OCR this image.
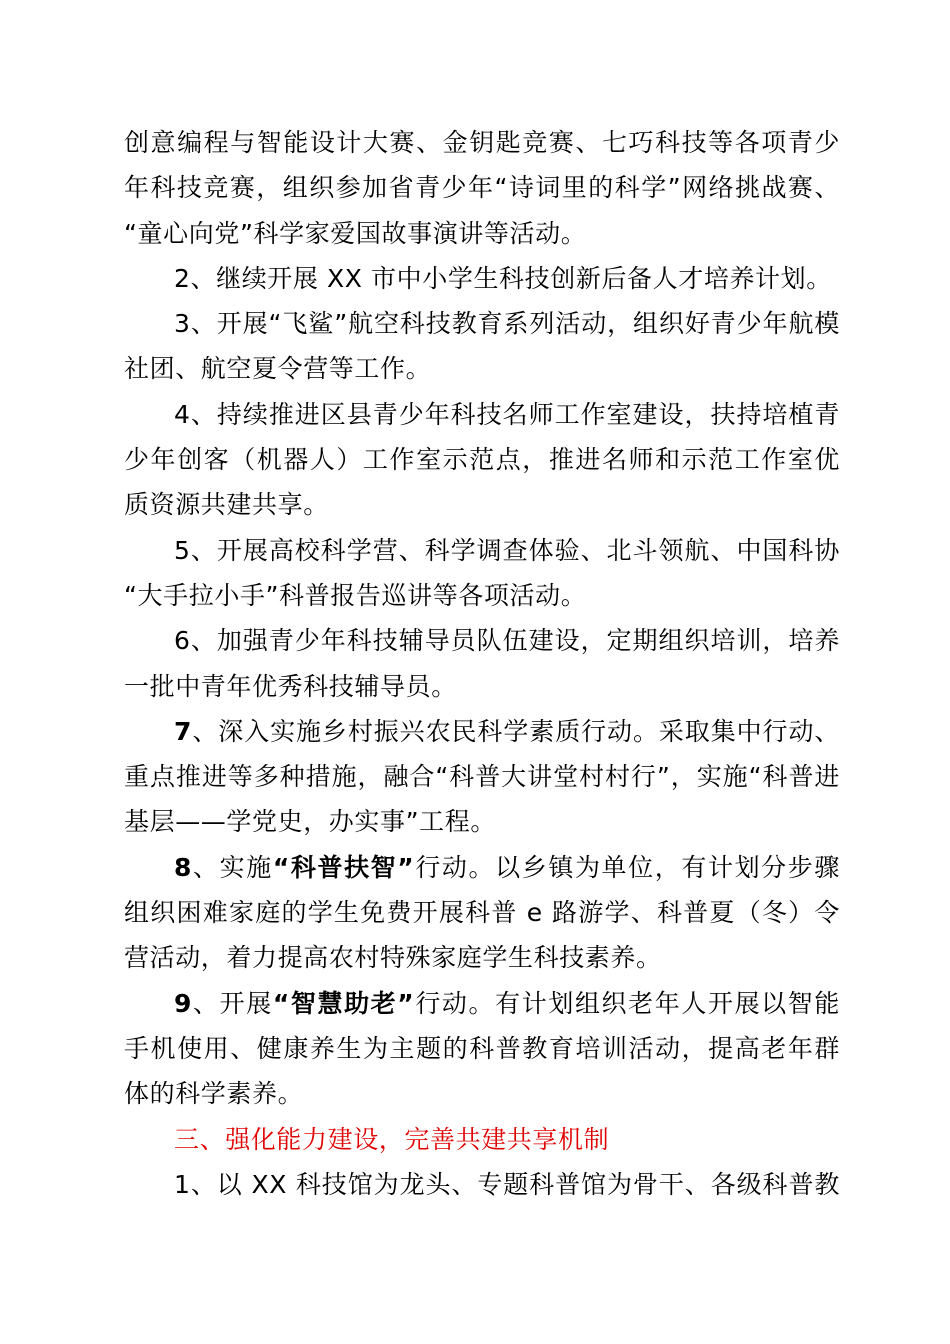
创意编程与智能设计大赛、金钥匙竞赛、七巧科技等各项青少
年科技竞赛，组织参加省青少年“诗词里的科学”网络挑战赛、
“童心向党”科学家爱国故事演讲等活动。
2、继续开展 XX 市中小学生科技创新后备人才培养计划。
3、开展“飞鲨”航空科技教育系列活动，组织好青少年航模
社团、航空夏令营等工作。
4、持续推进区县青少年科技名师工作室建设，扶持培植青
少年创客（机器人）工作室示范点，推进名师和示范工作室优
质资源共建共享。
5、开展高校科学营、科学调查体验、北斗领航、中国科协
“大手拉小手”科普报告巡讲等各项活动。
6、加强青少年科技辅导员队伍建设，定期组织培训，培养
一批中青年优秀科技辅导员。
7、深入实施乡村振兴农民科学素质行动。采取集中行动、
重点推进等多种措施，融合“科普大讲堂村村行”，实施“科普进
基层——学党史，办实事”工程。
8、实施“科普扶智”行动。以乡镇为单位，有计划分步骤
组织困难家庭的学生免费开展科普 e 路游学、科普夏（冬）令
营活动，着力提高农村特殊家庭学生科技素养。
9、开展“智慧助老”行动。有计划组织老年人开展以智能
手机使用、健康养生为主题的科普教育培训活动，提高老年群
体的科学素养。
三、强化能力建设，完善共建共享机制
1、以 XX 科技馆为龙头、专题科普馆为骨干、各级科普教
